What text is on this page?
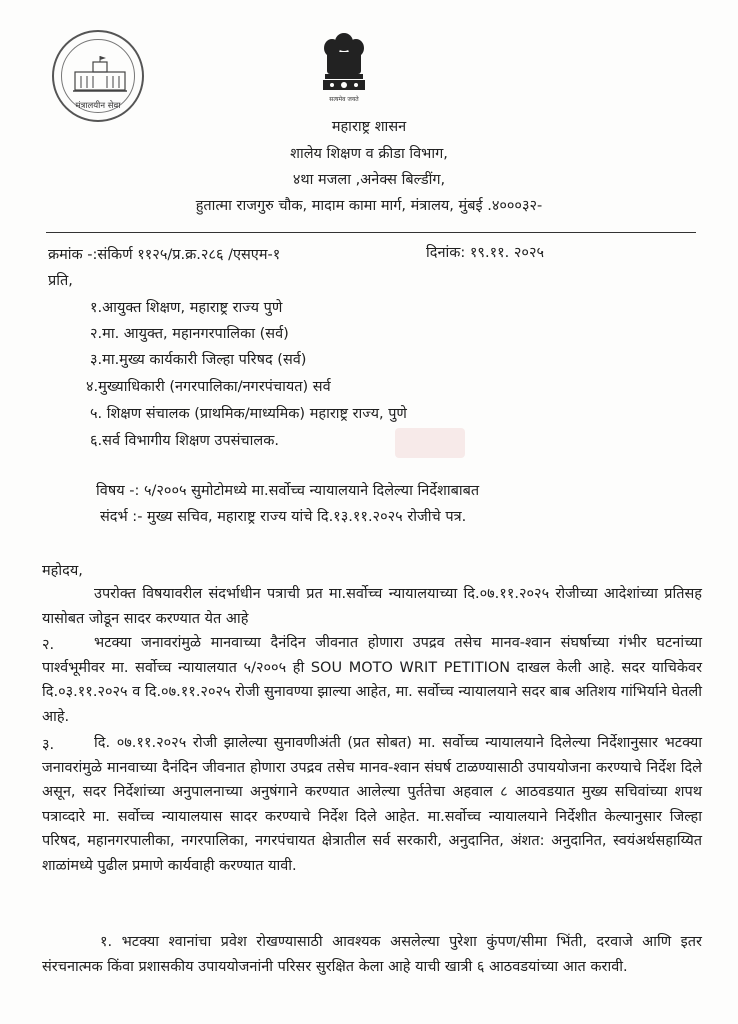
मंत्रालयीन सेवा
सत्यमेव जयते
महाराष्ट्र शासन
शालेय शिक्षण व क्रीडा विभाग,
४था मजला ,अनेक्स बिल्डींग,
हुतात्मा राजगुरु चौक, मादाम कामा मार्ग, मंत्रालय, मुंबई .४०००३२-
क्रमांक -:संकिर्ण ११२५/प्र.क्र.२८६ /एसएम-१	दिनांक: १९.११. २०२५
प्रति,
१.आयुक्त शिक्षण, महाराष्ट्र राज्य पुणे
२.मा. आयुक्त, महानगरपालिका (सर्व)
३.मा.मुख्य कार्यकारी जिल्हा परिषद (सर्व)
४.मुख्याधिकारी (नगरपालिका/नगरपंचायत) सर्व
५. शिक्षण संचालक (प्राथमिक/माध्यमिक) महाराष्ट्र राज्य, पुणे
६.सर्व विभागीय शिक्षण उपसंचालक.
विषय -: ५/२००५ सुमोटोमध्ये मा.सर्वोच्च न्यायालयाने दिलेल्या निर्देशाबाबत
संदर्भ :- मुख्य सचिव, महाराष्ट्र राज्य यांचे दि.१३.११.२०२५ रोजीचे पत्र.
महोदय,
उपरोक्त विषयावरील संदर्भाधीन पत्राची प्रत मा.सर्वोच्च न्यायालयाच्या दि.०७.११.२०२५ रोजीच्या आदेशांच्या प्रतिसह यासोबत जोडून सादर करण्यात येत आहे
२.	भटक्या जनावरांमुळे मानवाच्या दैनंदिन जीवनात होणारा उपद्रव तसेच मानव-श्वान संघर्षाच्या गंभीर घटनांच्या पार्श्वभूमीवर मा. सर्वोच्च न्यायालयात ५/२००५ ही SOU MOTO WRIT PETITION दाखल केली आहे. सदर याचिकेवर दि.०३.११.२०२५ व दि.०७.११.२०२५ रोजी सुनावण्या झाल्या आहेत, मा. सर्वोच्च न्यायालयाने सदर बाब अतिशय गांभिर्याने घेतली आहे.
३.	दि. ०७.११.२०२५ रोजी झालेल्या सुनावणीअंती (प्रत सोबत) मा. सर्वोच्च न्यायालयाने दिलेल्या निर्देशानुसार भटक्या जनावरांमुळे मानवाच्या दैनंदिन जीवनात होणारा उपद्रव तसेच मानव-श्वान संघर्ष टाळण्यासाठी उपाययोजना करण्याचे निर्देश दिले असून, सदर निर्देशांच्या अनुपालनाच्या अनुषंगाने करण्यात आलेल्या पुर्ततेचा अहवाल ८ आठवडयात मुख्य सचिवांच्या शपथ पत्राव्दारे मा. सर्वोच्च न्यायालयास सादर करण्याचे निर्देश दिले आहेत. मा.सर्वोच्च न्यायालयाने निर्देशीत केल्यानुसार जिल्हा परिषद, महानगरपालीका, नगरपालिका, नगरपंचायत क्षेत्रातील सर्व सरकारी, अनुदानित, अंशत: अनुदानित, स्वयंअर्थसहाय्यित शाळांमध्ये पुढील प्रमाणे कार्यवाही करण्यात यावी.
१. भटक्या श्वानांचा प्रवेश रोखण्यासाठी आवश्यक असलेल्या पुरेशा कुंपण/सीमा भिंती, दरवाजे आणि इतर संरचनात्मक किंवा प्रशासकीय उपाययोजनांनी परिसर सुरक्षित केला आहे याची खात्री ६ आठवडयांच्या आत करावी.
